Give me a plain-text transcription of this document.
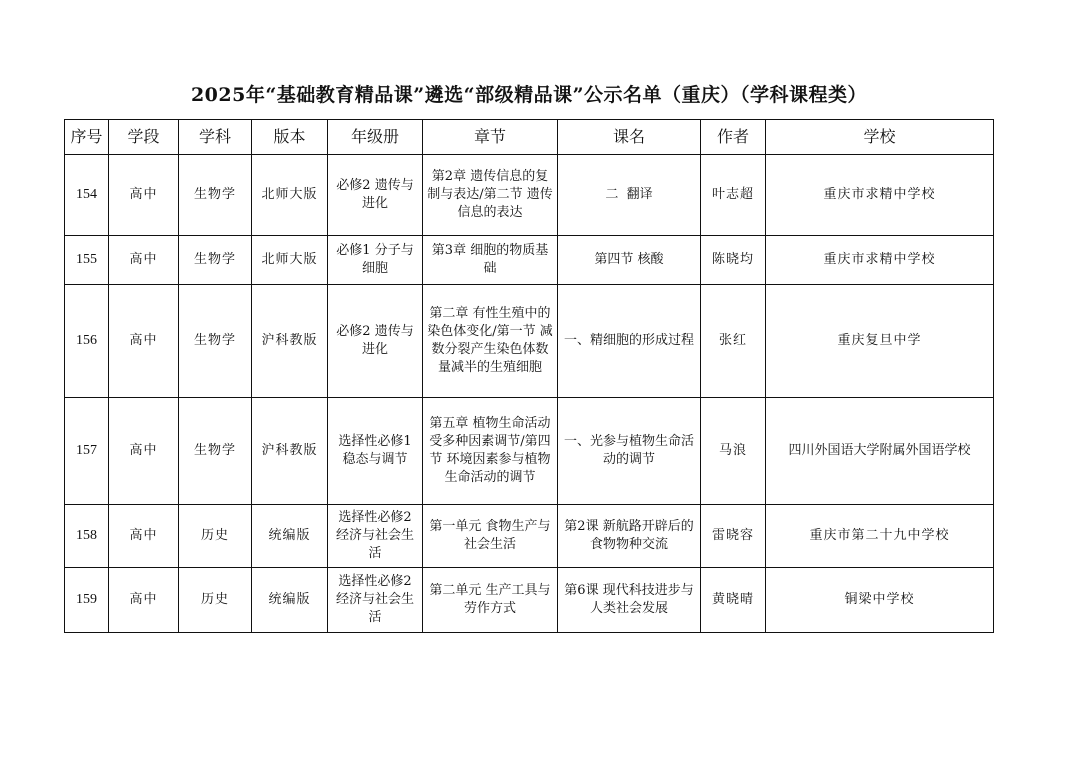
2025年“基础教育精品课”遴选“部级精品课”公示名单（重庆）（学科课程类）
序号	学段	学科	版本	年级册	章节	课名	作者	学校
154	高中	生物学	北师大版	必修2 遗传与进化	第2章 遗传信息的复制与表达/第二节 遗传信息的表达	二  翻译	叶志超	重庆市求精中学校
155	高中	生物学	北师大版	必修1 分子与细胞	第3章 细胞的物质基础	第四节 核酸	陈晓均	重庆市求精中学校
156	高中	生物学	沪科教版	必修2 遗传与进化	第二章 有性生殖中的染色体变化/第一节 减数分裂产生染色体数量减半的生殖细胞	一、精细胞的形成过程	张红	重庆复旦中学
157	高中	生物学	沪科教版	选择性必修1 稳态与调节	第五章 植物生命活动受多种因素调节/第四节 环境因素参与植物生命活动的调节	一、光参与植物生命活动的调节	马浪	四川外国语大学附属外国语学校
158	高中	历史	统编版	选择性必修2 经济与社会生活	第一单元 食物生产与社会生活	第2课 新航路开辟后的食物物种交流	雷晓容	重庆市第二十九中学校
159	高中	历史	统编版	选择性必修2 经济与社会生活	第二单元 生产工具与劳作方式	第6课 现代科技进步与人类社会发展	黄晓晴	铜梁中学校
